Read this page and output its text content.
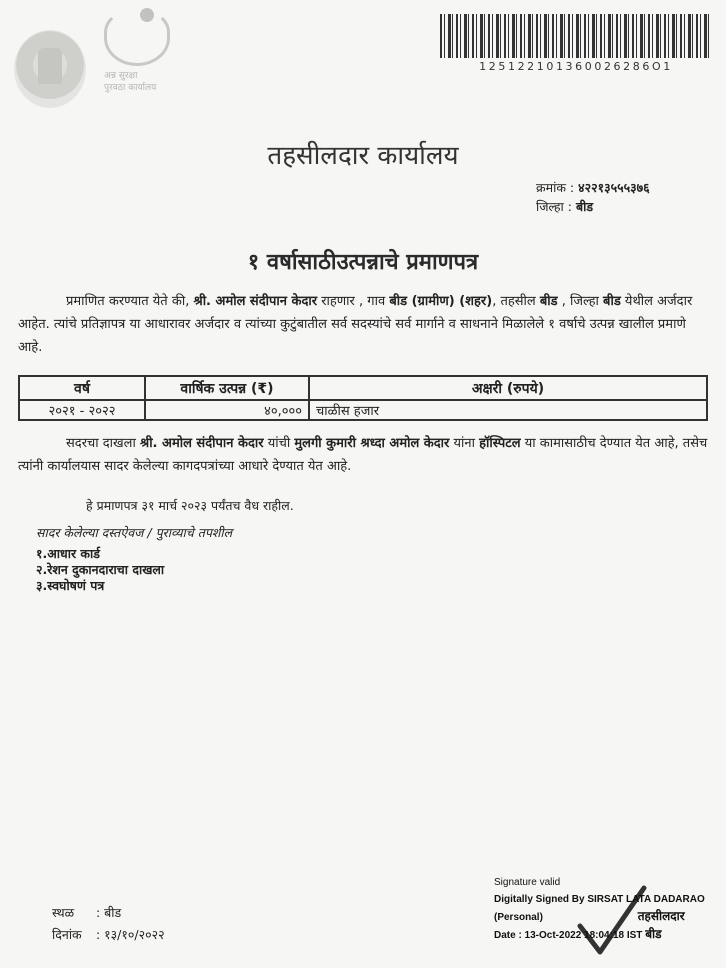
अन्न सुरक्षा
पुरवठा कार्यालय
125122101360026286O1
तहसीलदार कार्यालय
क्रमांक : ४२२१३५५५३७६
जिल्हा : बीड
१ वर्षासाठीउत्पन्नाचे प्रमाणपत्र
प्रमाणित करण्यात येते की, श्री. अमोल संदीपान केदार राहणार , गाव बीड (ग्रामीण) (शहर), तहसील बीड , जिल्हा बीड येथील अर्जदार आहेत. त्यांचे प्रतिज्ञापत्र या आधारावर अर्जदार व त्यांच्या कुटुंबातील सर्व सदस्यांचे सर्व मार्गाने व साधनाने मिळालेले १ वर्षाचे उत्पन्न खालील प्रमाणे आहे.
वर्ष	वार्षिक उत्पन्न (₹)	अक्षरी (रुपये)
२०२१ - २०२२	४०,०००	चाळीस हजार
सदरचा दाखला श्री. अमोल संदीपान केदार यांची मुलगी कुमारी श्रध्दा अमोल केदार यांना हॉस्पिटल या कामासाठीच देण्यात येत आहे, तसेच त्यांनी कार्यालयास सादर केलेल्या कागदपत्रांच्या आधारे देण्यात येत आहे.
हे प्रमाणपत्र ३१ मार्च २०२३ पर्यंतच वैध राहील.
सादर केलेल्या दस्तऐवज / पुराव्याचे तपशील
१.आधार कार्ड
२.रेशन दुकानदाराचा दाखला
३.स्वघोषणं पत्र
स्थळ : बीड
दिनांक : १३/१०/२०२२
Signature valid
Digitally Signed By SIRSAT LATA DADARAO
(Personal)	तहसीलदार
Date : 13-Oct-2022 18:04:18 IST बीड
